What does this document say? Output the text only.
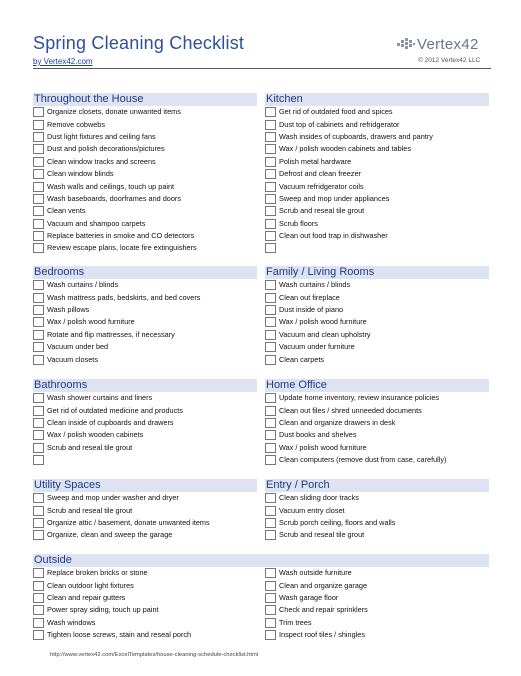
Spring Cleaning Checklist
by Vertex42.com
Vertex42
© 2012 Vertex42 LLC
Throughout the House
Organize closets, donate unwanted items
Remove cobwebs
Dust light fixtures and ceiling fans
Dust and polish decorations/pictures
Clean window tracks and screens
Clean window blinds
Wash walls and ceilings, touch up paint
Wash baseboards, doorframes and doors
Clean vents
Vacuum and shampoo carpets
Replace batteries in smoke and CO detectors
Review escape plans, locate fire extinguishers
Kitchen
Get rid of outdated food and spices
Dust top of cabinets and refridgerator
Wash insides of cupboards, drawers and pantry
Wax / polish wooden cabinets and tables
Polish metal hardware
Defrost and clean freezer
Vacuum refridgerator coils
Sweep and mop under appliances
Scrub and reseal tile grout
Scrub floors
Clean out food trap in dishwasher
Bedrooms
Wash curtains / blinds
Wash mattress pads, bedskirts, and bed covers
Wash pillows
Wax / polish wood furniture
Rotate and flip mattresses, if necessary
Vacuum under bed
Vacuum closets
Family / Living Rooms
Wash curtains / blinds
Clean out fireplace
Dust inside of piano
Wax / polish wood furniture
Vacuum and clean upholstry
Vacuum under furniture
Clean carpets
Bathrooms
Wash shower curtains and liners
Get rid of outdated medicine and products
Clean inside of cupboards and drawers
Wax / polish wooden cabinets
Scrub and reseal tile grout
Home Office
Update home inventory, review insurance policies
Clean out files / shred unneeded documents
Clean and organize drawers in desk
Dust books and shelves
Wax / polish wood furniture
Clean computers (remove dust from case, carefully)
Utility Spaces
Sweep and mop under washer and dryer
Scrub and reseal tile grout
Organize attic / basement, donate unwanted items
Organize, clean and sweep the garage
Entry / Porch
Clean sliding door tracks
Vacuum entry closet
Scrub porch ceiling, floors and walls
Scrub and reseal tile grout
Outside
Replace broken bricks or stone
Clean outdoor light fixtures
Clean and repair gutters
Power spray siding, touch up paint
Wash windows
Tighten loose screws, stain and reseal porch
Wash outside furniture
Clean and organize garage
Wash garage floor
Check and repair sprinklers
Trim trees
Inspect roof tiles / shingles
http://www.vertex42.com/ExcelTemplates/house-cleaning-schedule-checklist.html
